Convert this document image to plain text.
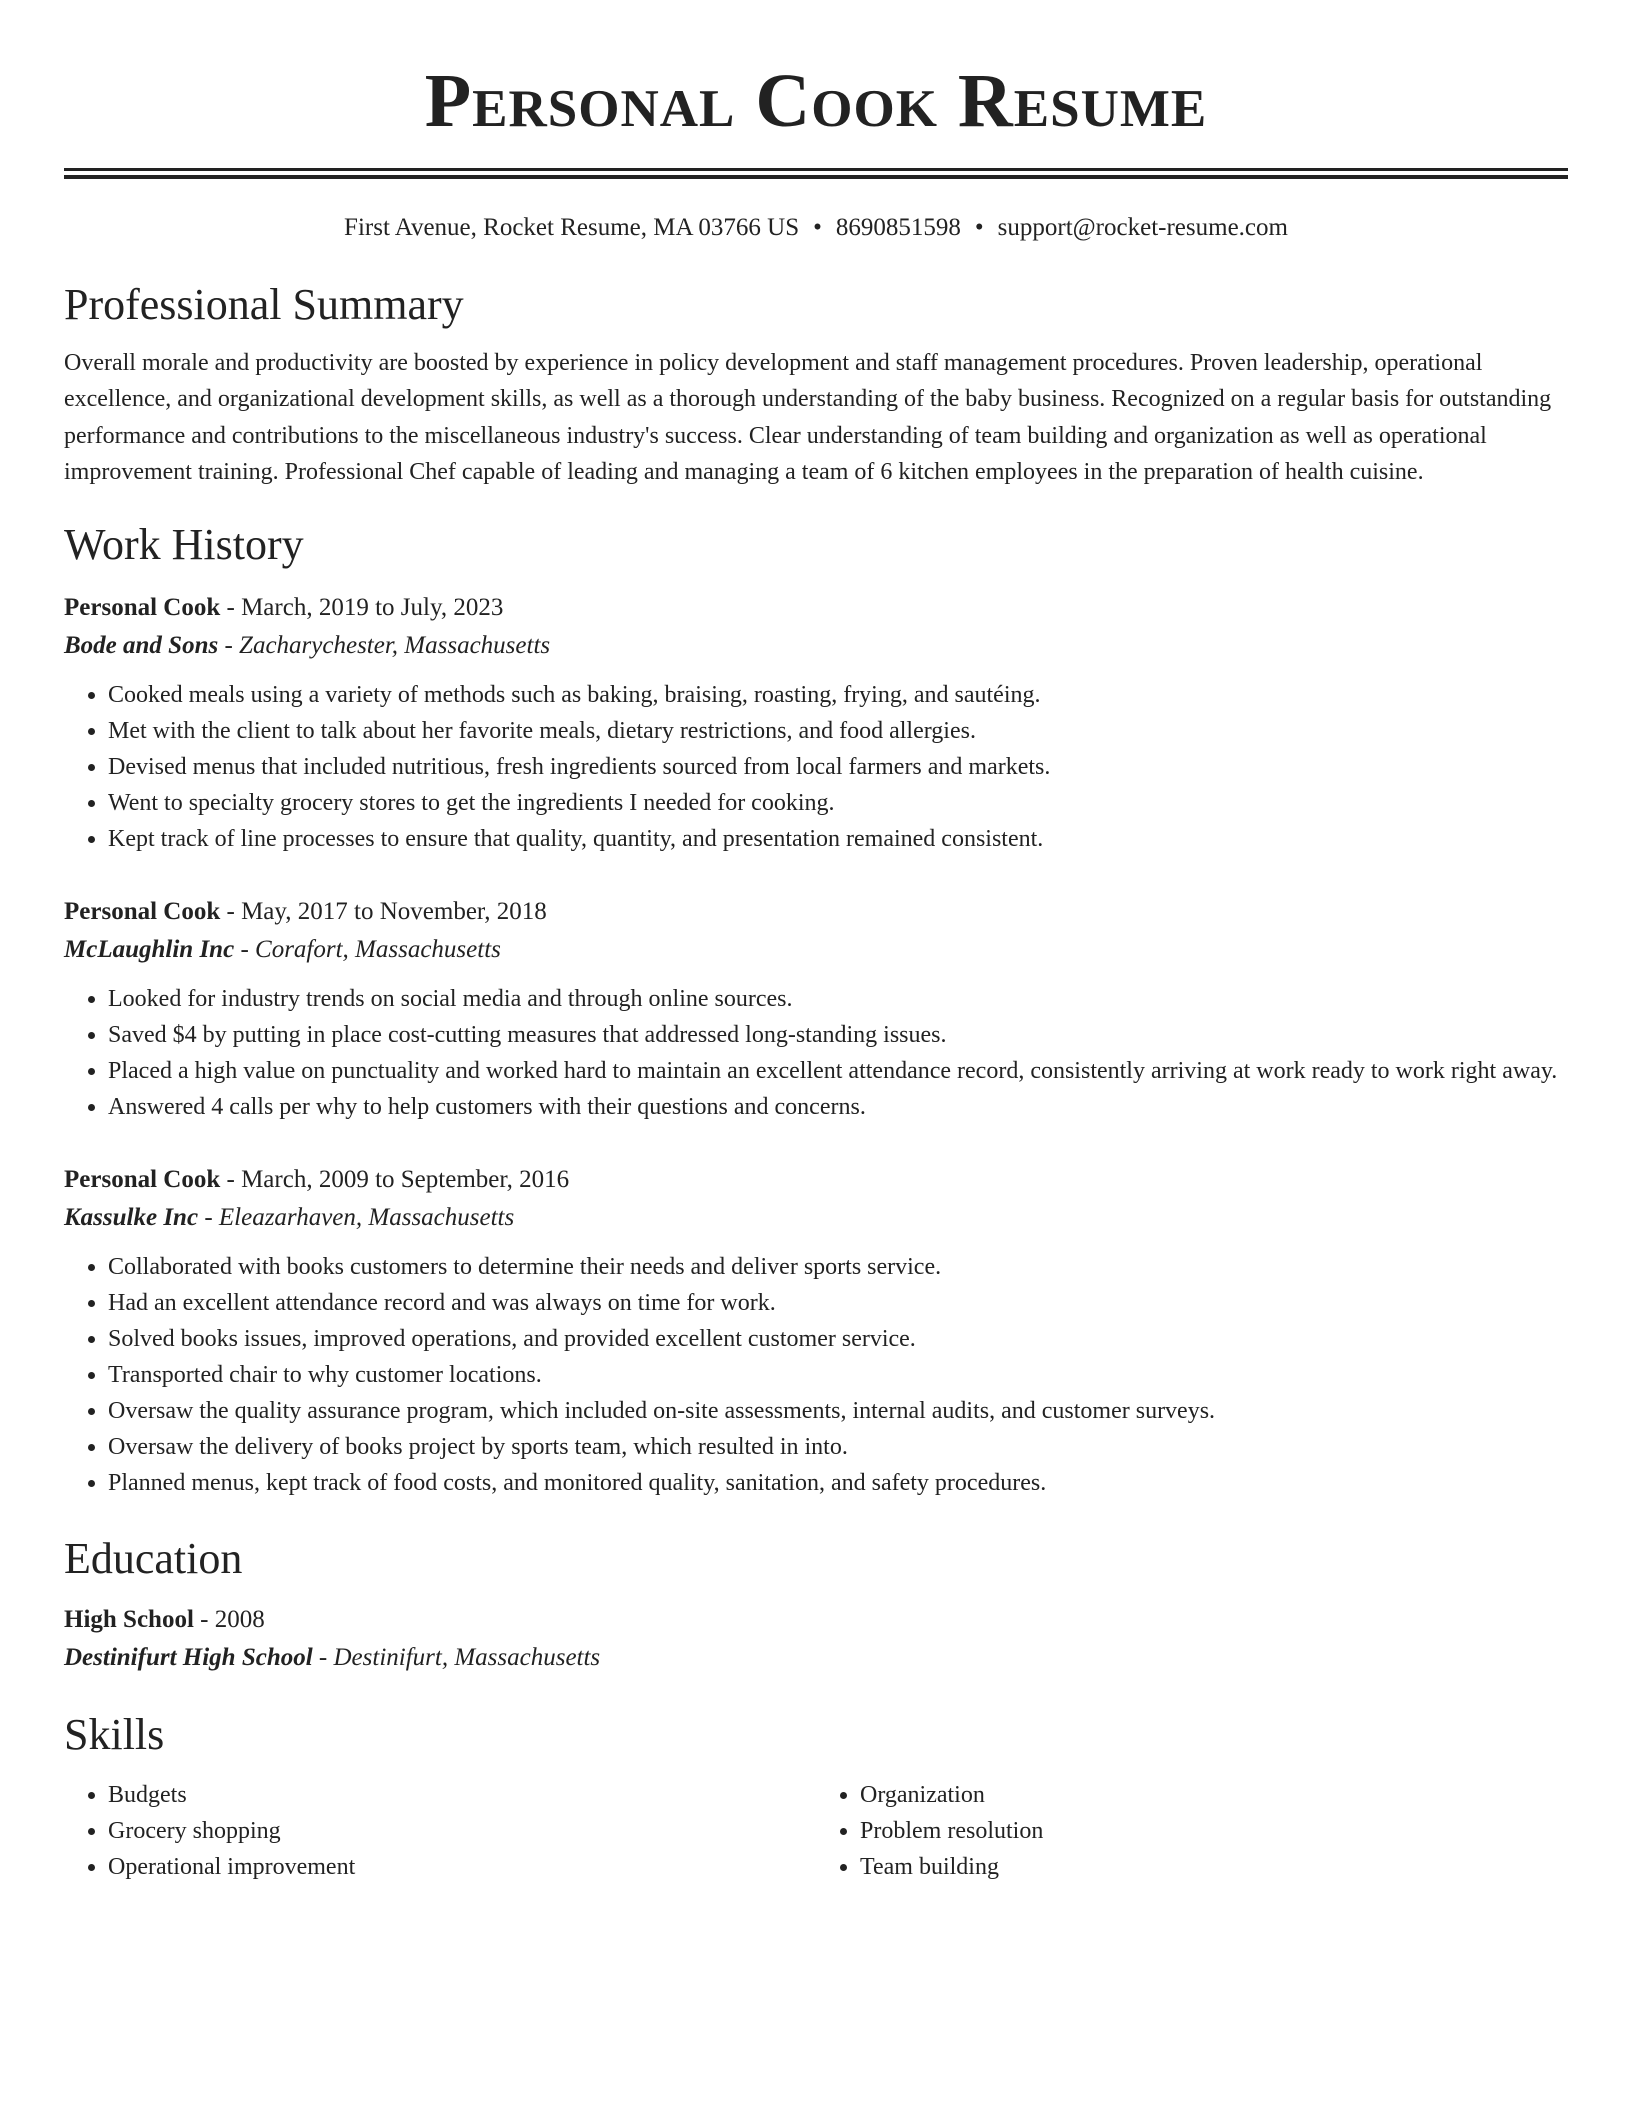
Personal Cook Resume
First Avenue, Rocket Resume, MA 03766 US • 8690851598 • support@rocket-resume.com
Professional Summary

Overall morale and productivity are boosted by experience in policy development and staff management procedures. Proven leadership, operational excellence, and organizational development skills, as well as a thorough understanding of the baby business. Recognized on a regular basis for outstanding performance and contributions to the miscellaneous industry's success. Clear understanding of team building and organization as well as operational improvement training. Professional Chef capable of leading and managing a team of 6 kitchen employees in the preparation of health cuisine.

Work History
Personal Cook - March, 2019 to July, 2023
Bode and Sons - Zacharychester, Massachusetts
• Cooked meals using a variety of methods such as baking, braising, roasting, frying, and sautéing.
• Met with the client to talk about her favorite meals, dietary restrictions, and food allergies.
• Devised menus that included nutritious, fresh ingredients sourced from local farmers and markets.
• Went to specialty grocery stores to get the ingredients I needed for cooking.
• Kept track of line processes to ensure that quality, quantity, and presentation remained consistent.
Personal Cook - May, 2017 to November, 2018
McLaughlin Inc - Corafort, Massachusetts
• Looked for industry trends on social media and through online sources.
• Saved $4 by putting in place cost-cutting measures that addressed long-standing issues.
• Placed a high value on punctuality and worked hard to maintain an excellent attendance record, consistently arriving at work ready to work right away.
• Answered 4 calls per why to help customers with their questions and concerns.
Personal Cook - March, 2009 to September, 2016
Kassulke Inc - Eleazarhaven, Massachusetts
• Collaborated with books customers to determine their needs and deliver sports service.
• Had an excellent attendance record and was always on time for work.
• Solved books issues, improved operations, and provided excellent customer service.
• Transported chair to why customer locations.
• Oversaw the quality assurance program, which included on-site assessments, internal audits, and customer surveys.
• Oversaw the delivery of books project by sports team, which resulted in into.
• Planned menus, kept track of food costs, and monitored quality, sanitation, and safety procedures.
Education
High School - 2008
Destinifurt High School - Destinifurt, Massachusetts
Skills
• Budgets
• Grocery shopping
• Operational improvement
• Organization
• Problem resolution
• Team building
